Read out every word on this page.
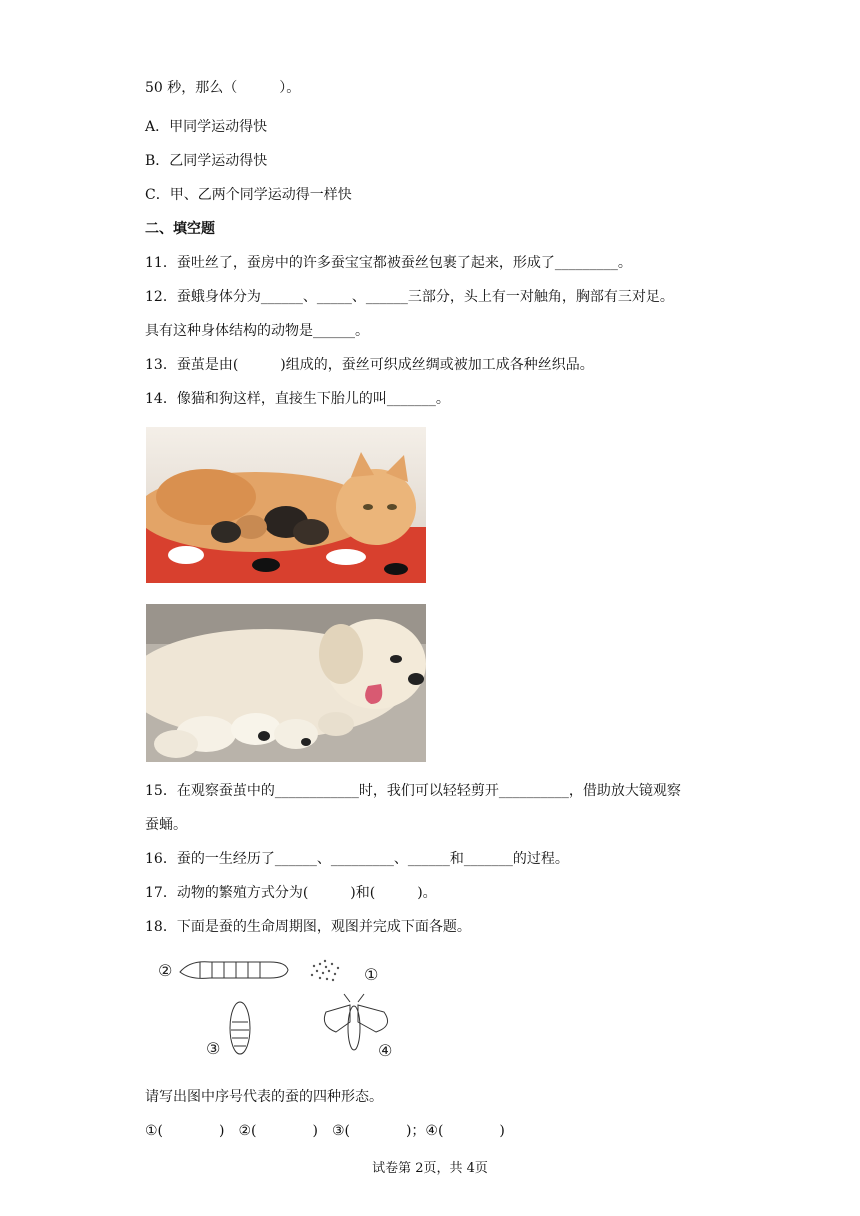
50 秒，那么（　　　）。
A．甲同学运动得快
B．乙同学运动得快
C．甲、乙两个同学运动得一样快
二、填空题
11．蚕吐丝了，蚕房中的许多蚕宝宝都被蚕丝包裹了起来，形成了_________。
12．蚕蛾身体分为______、_____、______三部分，头上有一对触角，胸部有三对足。
具有这种身体结构的动物是______。
13．蚕茧是由(　　　)组成的，蚕丝可织成丝绸或被加工成各种丝织品。
14．像猫和狗这样，直接生下胎儿的叫_______。
15．在观察蚕茧中的____________时，我们可以轻轻剪开__________，借助放大镜观察
蚕蛹。
16．蚕的一生经历了______、_________、______和_______的过程。
17．动物的繁殖方式分为(　　　)和(　　　)。
18．下面是蚕的生命周期图，观图并完成下面各题。
②	①
③	④
请写出图中序号代表的蚕的四种形态。
①(　　　　)　②(　　　　)　③(　　　　)；④(　　　　)
试卷第 2页，共 4页
